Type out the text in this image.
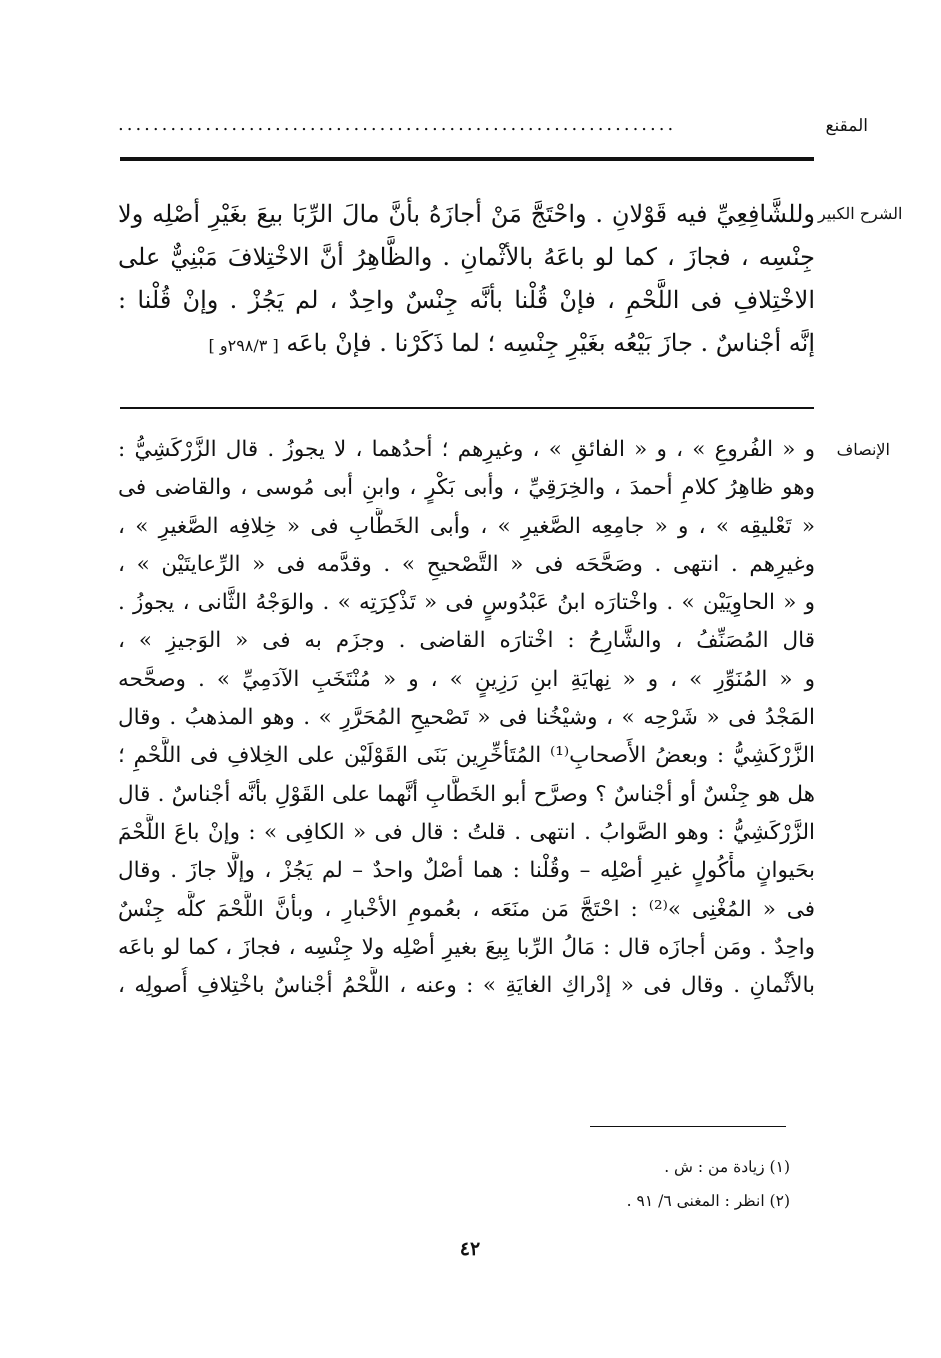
المقنع
................................................................
الشرح الكبير
وللشَّافِعِيِّ فيه قَوْلانِ . واحْتَجَّ مَنْ أجازَهُ بأنَّ مالَ الرِّبَا بيعَ بغَيْرِ أصْلِه ولا
جِنْسِه ، فجازَ ، كما لو باعَهُ بالأثْمانِ . والظَّاهِرُ أنَّ الاخْتِلافَ مَبْنِيٌّ على
الاخْتِلافِ فى اللَّحْمِ ، فإنْ قُلْنا بأنَّه جِنْسٌ واحِدٌ ، لم يَجُزْ . وإنْ قُلْنا :
إنَّه أجْناسٌ . جازَ بَيْعُه بغَيْرِ جِنْسِه ؛ لما ذَكَرْنا . فإنْ باعَه [ ٢٩٨/٣و ]
الإنصاف
و « الفُروعِ » ، و « الفائقِ » ، وغيرِهم ؛ أحدُهما ، لا يجوزُ . قال الزَّرْكَشِيُّ :
وهو ظاهِرُ كلامِ أحمدَ ، والخِرَقِيِّ ، وأبى بَكْرٍ ، وابنِ أبى مُوسى ، والقاضى فى
« تَعْليقِه » ، و « جامِعِه الصَّغيرِ » ، وأبى الخَطَّابِ فى « خِلافِه الصَّغيرِ » ،
وغيرِهم . انتهى . وصَحَّحَه فى « التَّصْحيحِ » . وقدَّمه فى « الرِّعايتَيْن » ،
و « الحاوِيَيْن » . واخْتارَه ابنُ عَبْدُوسٍ فى « تَذْكِرَتِه » . والوَجْهُ الثَّانى ، يجوزُ .
قال المُصَنِّفُ ، والشَّارِحُ : اخْتارَه القاضى . وجزَم به فى « الوَجيزِ » ،
و « المُنَوِّرِ » ، و « نِهايَةِ ابنِ رَزِينٍ » ، و « مُنْتَخَبِ الآدَمِيِّ » . وصحَّحه
المَجْدُ فى « شَرْحِه » ، وشيْخُنا فى « تَصْحيحِ المُحَرَّرِ » . وهو المذهبُ . وقال
الزَّرْكَشِيُّ : وبعضُ الأَصحابِ⁽¹⁾ المُتَأخِّرِين بَنَى القَوْلَيْن على الخِلافِ فى اللَّحْمِ ؛
هل هو جِنْسٌ أو أجْناسٌ ؟ وصرَّح أبو الخَطَّابِ أنَّهما على القَوْلِ بأنَّه أجْناسٌ . قال
الزَّرْكَشِيُّ : وهو الصَّوابُ . انتهى . قلتُ : قال فى « الكافِى » : وإنْ باعَ اللَّحْمَ
بحَيوانٍ مأْكُولٍ غيرِ أصْلِه – وقُلْنا : هما أصْلٌ واحدٌ – لم يَجُزْ ، وإلَّا جازَ . وقال
فى « المُغْنِى »⁽²⁾ : احْتَجَّ مَن منَعَه ، بعُمومِ الأخْبارِ ، وبأنَّ اللَّحْمَ كلَّه جِنْسٌ
واحِدٌ . ومَن أجازَه قال : مَالُ الرِّبا بِيعَ بغيرِ أصْلِه ولا جِنْسِه ، فجازَ ، كما لو باعَه
بالأثْمانِ . وقال فى « إدْراكِ الغايَةِ » : وعنه ، اللَّحْمُ أجْناسٌ باخْتِلافِ أُصولِه ،
(١) زيادة من : ش .
(٢) انظر : المغنى ٦/ ٩١ .
٤٢
